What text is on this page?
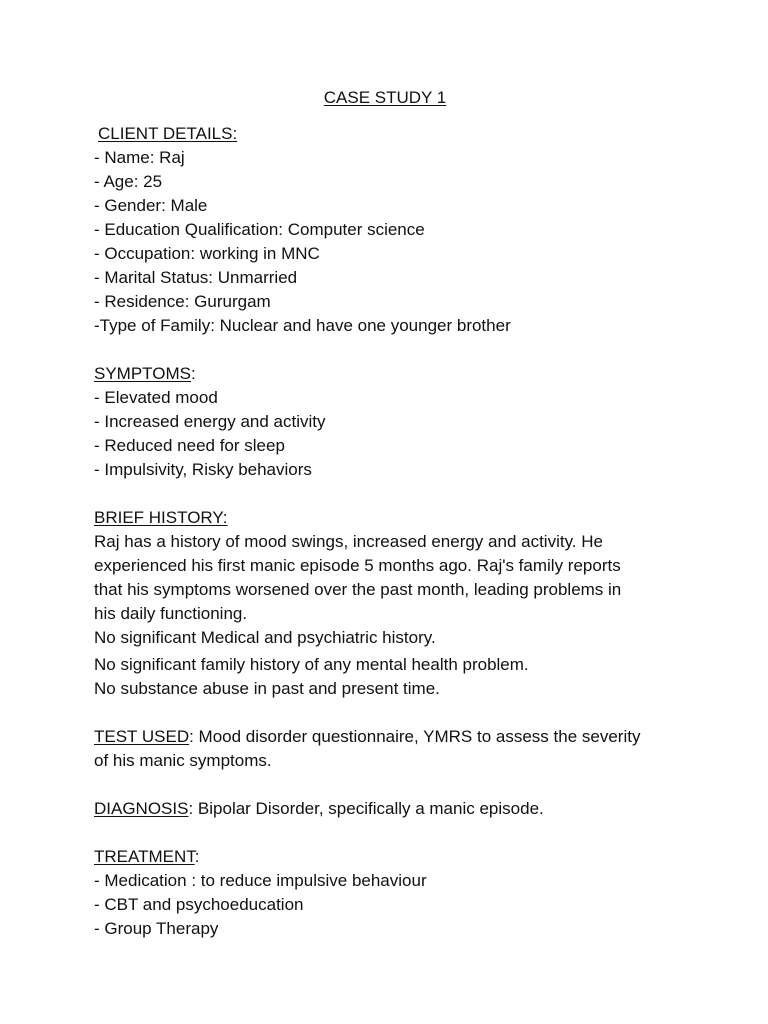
CASE STUDY 1
CLIENT DETAILS:
- Name: Raj
- Age: 25
- Gender: Male
- Education Qualification: Computer science
- Occupation: working in MNC
- Marital Status: Unmarried
- Residence: Gururgam
-Type of Family: Nuclear and have one younger brother
SYMPTOMS:
- Elevated mood
- Increased energy and activity
- Reduced need for sleep
- Impulsivity, Risky behaviors
BRIEF HISTORY:
Raj has a history of mood swings, increased energy and activity. He
experienced his first manic episode 5 months ago. Raj's family reports
that his symptoms worsened over the past month, leading problems in
his daily functioning.
No significant Medical and psychiatric history.
No significant family history of any mental health problem.
No substance abuse in past and present time.
TEST USED: Mood disorder questionnaire, YMRS to assess the severity
of his manic symptoms.
DIAGNOSIS: Bipolar Disorder, specifically a manic episode.
TREATMENT:
- Medication : to reduce impulsive behaviour
- CBT and psychoeducation
- Group Therapy
